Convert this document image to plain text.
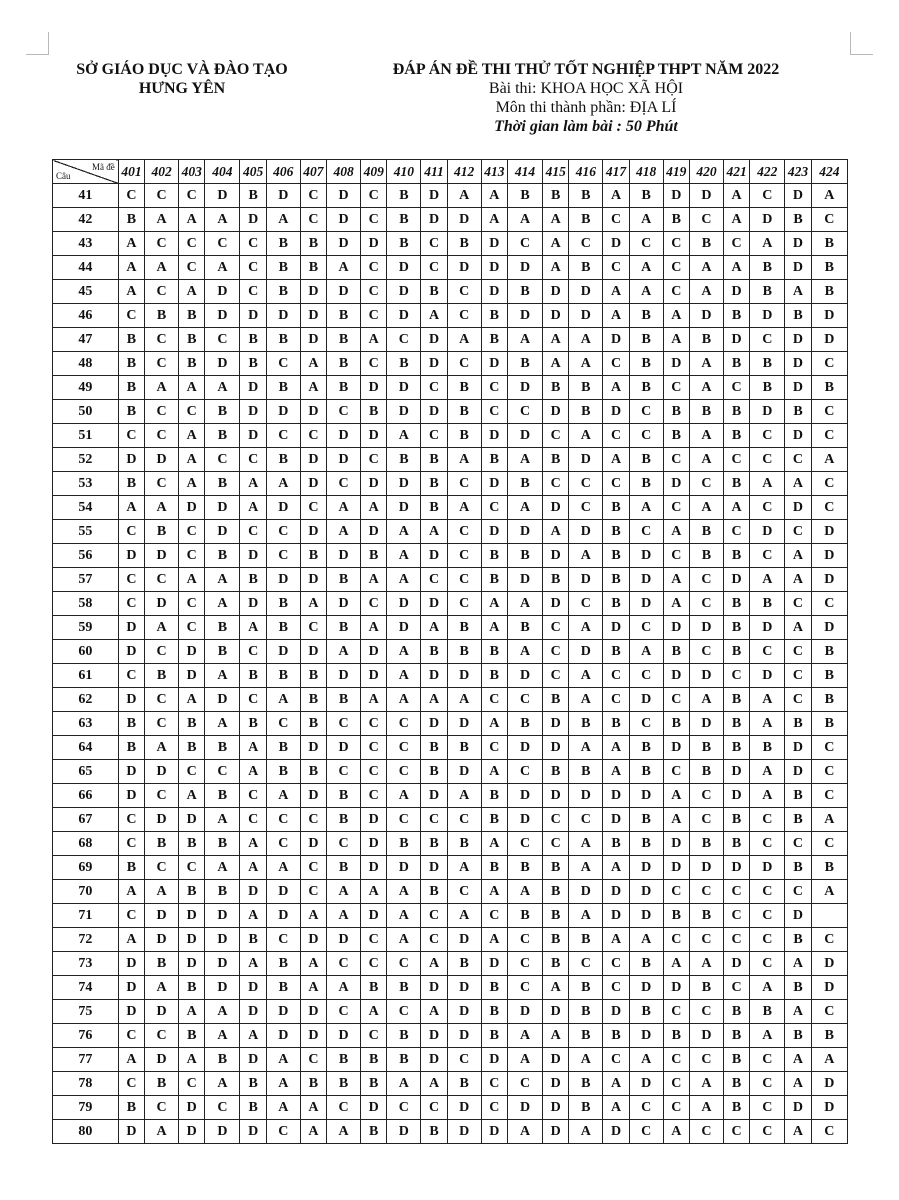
SỞ GIÁO DỤC VÀ ĐÀO TẠO
HƯNG YÊN
ĐÁP ÁN ĐỀ THI THỬ TỐT NGHIỆP THPT NĂM 2022
Bài thi: KHOA HỌC XÃ HỘI
Môn thi thành phần: ĐỊA LÍ
Thời gian làm bài : 50 Phút
Mã đề
Câu	401	402	403	404	405	406	407	408	409	410	411	412	413	414	415	416	417	418	419	420	421	422	423	424
41	C	C	C	D	B	D	C	D	C	B	D	A	A	B	B	B	A	B	D	D	A	C	D	A
42	B	A	A	A	D	A	C	D	C	B	D	D	A	A	A	B	C	A	B	C	A	D	B	C
43	A	C	C	C	C	B	B	D	D	B	C	B	D	C	A	C	D	C	C	B	C	A	D	B
44	A	A	C	A	C	B	B	A	C	D	C	D	D	D	A	B	C	A	C	A	A	B	D	B
45	A	C	A	D	C	B	D	D	C	D	B	C	D	B	D	D	A	A	C	A	D	B	A	B
46	C	B	B	D	D	D	D	B	C	D	A	C	B	D	D	D	A	B	A	D	B	D	B	D
47	B	C	B	C	B	B	D	B	A	C	D	A	B	A	A	A	D	B	A	B	D	C	D	D
48	B	C	B	D	B	C	A	B	C	B	D	C	D	B	A	A	C	B	D	A	B	B	D	C
49	B	A	A	A	D	B	A	B	D	D	C	B	C	D	B	B	A	B	C	A	C	B	D	B
50	B	C	C	B	D	D	D	C	B	D	D	B	C	C	D	B	D	C	B	B	B	D	B	C
51	C	C	A	B	D	C	C	D	D	A	C	B	D	D	C	A	C	C	B	A	B	C	D	C
52	D	D	A	C	C	B	D	D	C	B	B	A	B	A	B	D	A	B	C	A	C	C	C	A
53	B	C	A	B	A	A	D	C	D	D	B	C	D	B	C	C	C	B	D	C	B	A	A	C
54	A	A	D	D	A	D	C	A	A	D	B	A	C	A	D	C	B	A	C	A	A	C	D	C
55	C	B	C	D	C	C	D	A	D	A	A	C	D	D	A	D	B	C	A	B	C	D	C	D
56	D	D	C	B	D	C	B	D	B	A	D	C	B	B	D	A	B	D	C	B	B	C	A	D
57	C	C	A	A	B	D	D	B	A	A	C	C	B	D	B	D	B	D	A	C	D	A	A	D
58	C	D	C	A	D	B	A	D	C	D	D	C	A	A	D	C	B	D	A	C	B	B	C	C
59	D	A	C	B	A	B	C	B	A	D	A	B	A	B	C	A	D	C	D	D	B	D	A	D
60	D	C	D	B	C	D	D	A	D	A	B	B	B	A	C	D	B	A	B	C	B	C	C	B
61	C	B	D	A	B	B	B	D	D	A	D	D	B	D	C	A	C	C	D	D	C	D	C	B
62	D	C	A	D	C	A	B	B	A	A	A	A	C	C	B	A	C	D	C	A	B	A	C	B
63	B	C	B	A	B	C	B	C	C	C	D	D	A	B	D	B	B	C	B	D	B	A	B	B
64	B	A	B	B	A	B	D	D	C	C	B	B	C	D	D	A	A	B	D	B	B	B	D	C
65	D	D	C	C	A	B	B	C	C	C	B	D	A	C	B	B	A	B	C	B	D	A	D	C
66	D	C	A	B	C	A	D	B	C	A	D	A	B	D	D	D	D	D	A	C	D	A	B	C
67	C	D	D	A	C	C	C	B	D	C	C	C	B	D	C	C	D	B	A	C	B	C	B	A
68	C	B	B	B	A	C	D	C	D	B	B	B	A	C	C	A	B	B	D	B	B	C	C	C
69	B	C	C	A	A	A	C	B	D	D	D	A	B	B	B	A	A	D	D	D	D	D	B	B
70	A	A	B	B	D	D	C	A	A	A	B	C	A	A	B	D	D	D	C	C	C	C	C	A
71	C	D	D	D	A	D	A	A	D	A	C	A	C	B	B	A	D	D	B	B	C	C	D	
72	A	D	D	D	B	C	D	D	C	A	C	D	A	C	B	B	A	A	C	C	C	C	B	C
73	D	B	D	D	A	B	A	C	C	C	A	B	D	C	B	C	C	B	A	A	D	C	A	D
74	D	A	B	D	D	B	A	A	B	B	D	D	B	C	A	B	C	D	D	B	C	A	B	D
75	D	D	A	A	D	D	D	C	A	C	A	D	B	D	D	B	D	B	C	C	B	B	A	C
76	C	C	B	A	A	D	D	D	C	B	D	D	B	A	A	B	B	D	B	D	B	A	B	B
77	A	D	A	B	D	A	C	B	B	B	D	C	D	A	D	A	C	A	C	C	B	C	A	A
78	C	B	C	A	B	A	B	B	B	A	A	B	C	C	D	B	A	D	C	A	B	C	A	D
79	B	C	D	C	B	A	A	C	D	C	C	D	C	D	D	B	A	C	C	A	B	C	D	D
80	D	A	D	D	D	C	A	A	B	D	B	D	D	A	D	A	D	C	A	C	C	C	A	C
